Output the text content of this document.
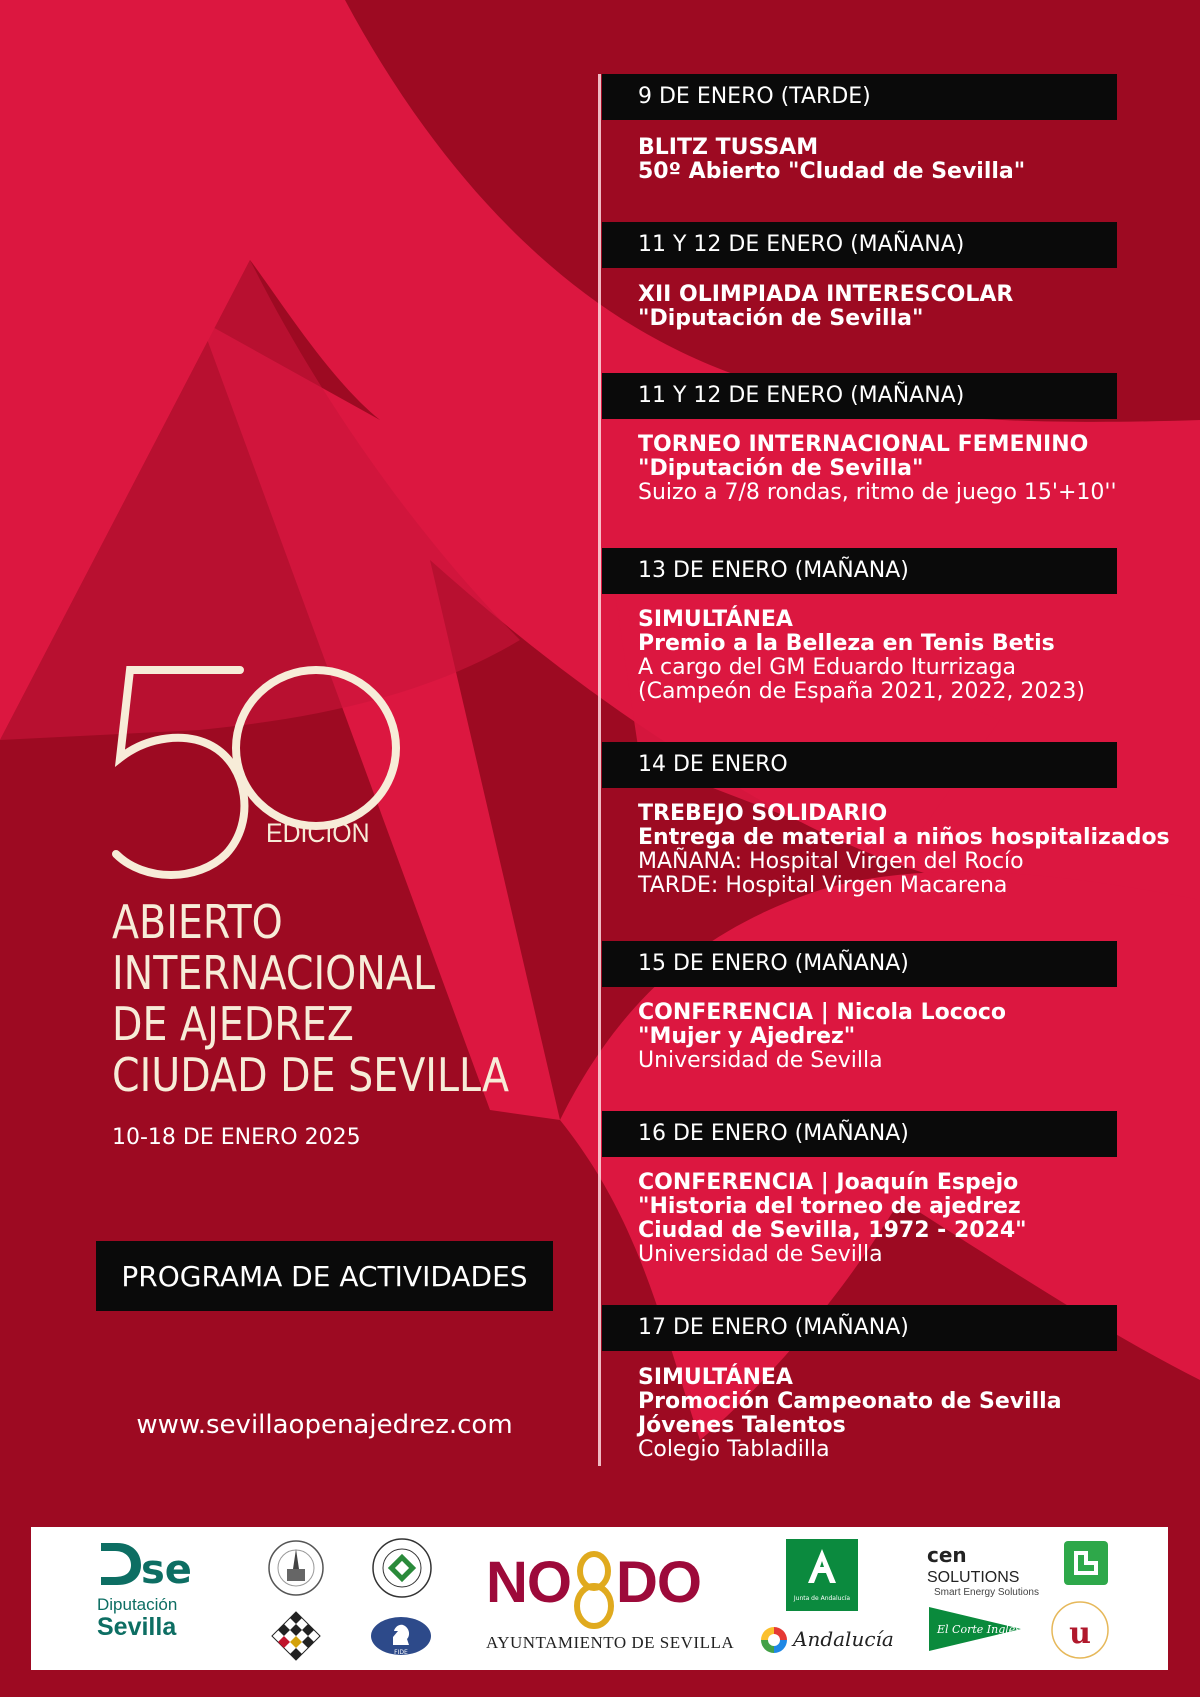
EDICIÓN
ABIERTO
INTERNACIONAL
DE AJEDREZ
CIUDAD DE SEVILLA
10-18 DE ENERO 2025
PROGRAMA DE ACTIVIDADES
www.sevillaopenajedrez.com
9 DE ENERO (TARDE)
BLITZ TUSSAM
50º Abierto "Cludad de Sevilla"
11 Y 12 DE ENERO (MAÑANA)
XII OLIMPIADA INTERESCOLAR
"Diputación de Sevilla"
11 Y 12 DE ENERO (MAÑANA)
TORNEO INTERNACIONAL FEMENINO
"Diputación de Sevilla"
Suizo a 7/8 rondas, ritmo de juego 15'+10''
13 DE ENERO (MAÑANA)
SIMULTÁNEA
Premio a la Belleza en Tenis Betis
A cargo del GM Eduardo Iturrizaga
(Campeón de España 2021, 2022, 2023)
14 DE ENERO
TREBEJO SOLIDARIO
Entrega de material a niños hospitalizados
MAÑANA: Hospital Virgen del Rocío
TARDE: Hospital Virgen Macarena
15 DE ENERO (MAÑANA)
CONFERENCIA | Nicola Lococo
"Mujer y Ajedrez"
Universidad de Sevilla
16 DE ENERO (MAÑANA)
CONFERENCIA | Joaquín Espejo
"Historia del torneo de ajedrez
Ciudad de Sevilla, 1972 - 2024"
Universidad de Sevilla
17 DE ENERO (MAÑANA)
SIMULTÁNEA
Promoción Campeonato de Sevilla
Jóvenes Talentos
Colegio Tabladilla
se
Diputación
Sevilla
FIDE
NO DO
AYUNTAMIENTO DE SEVILLA
Junta de Andalucía
Andalucía
cen SOLUTIONS
Smart Energy Solutions
El Corte Inglés u
